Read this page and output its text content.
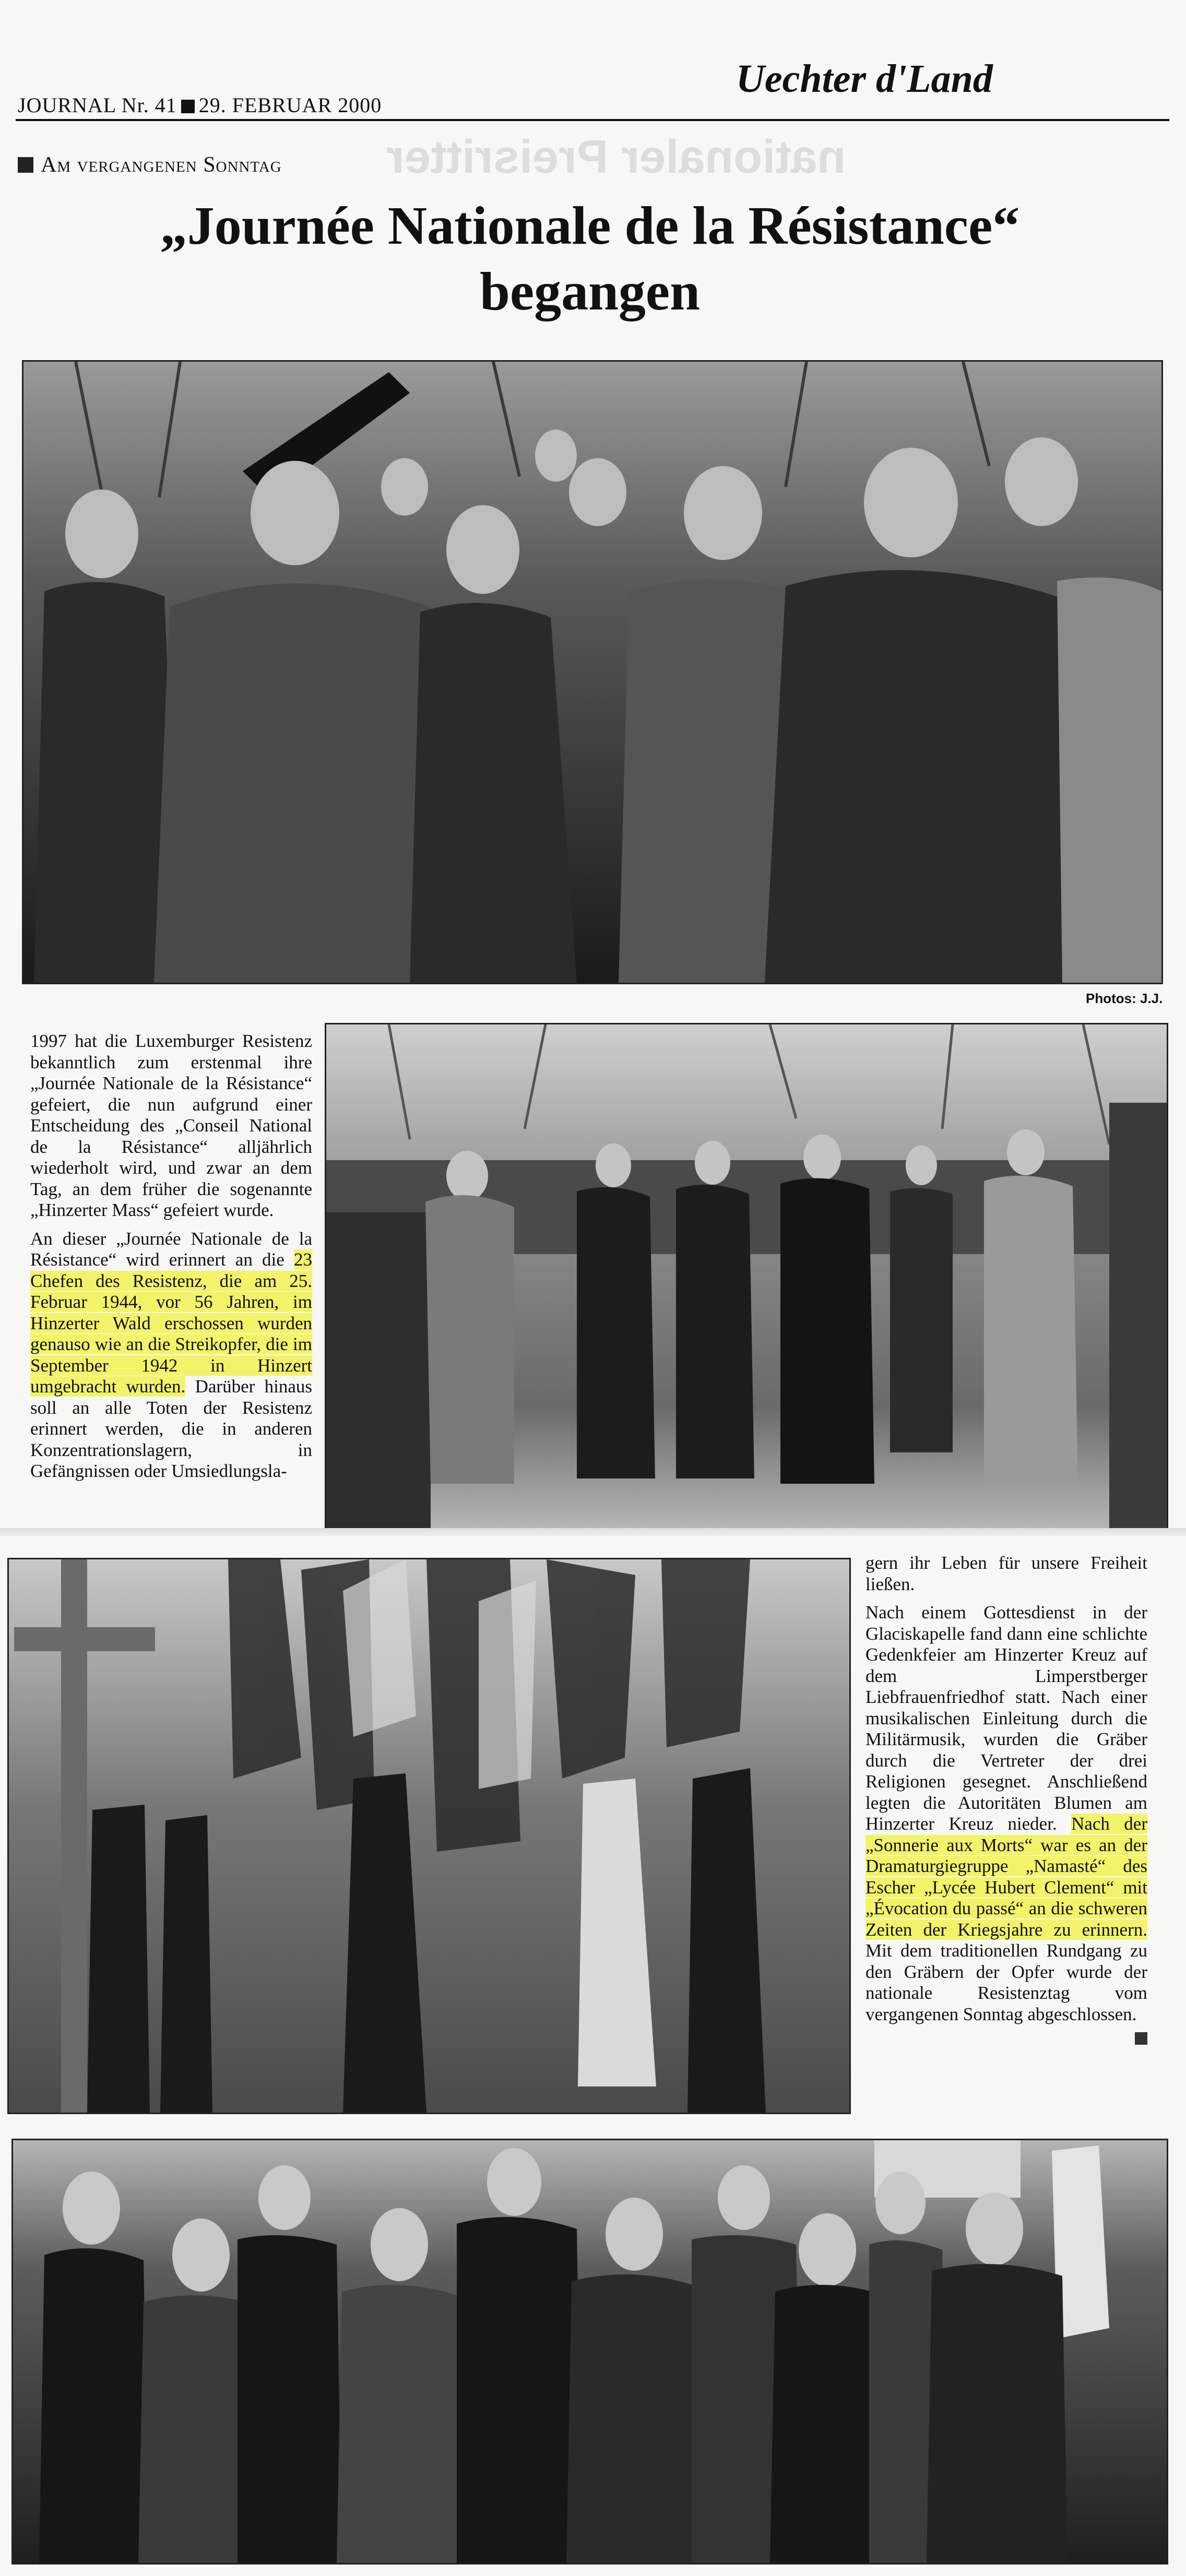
nationaler Preisritter
JOURNAL Nr. 41 29. FEBRUAR 2000
Uechter d'Land
Am vergangenen Sonntag
„Journée Nationale de la Résistance“
begangen
Photos: J.J.

1997 hat die Luxemburger Resistenz bekanntlich zum erstenmal ihre „Journée Nationale de la Résistance“ gefeiert, die nun aufgrund einer Entscheidung des „Conseil National de la Résistance“ alljährlich wiederholt wird, und zwar an dem Tag, an dem früher die sogenannte „Hinzerter Mass“ gefeiert wurde.

An dieser „Journée Nationale de la Résistance“ wird erinnert an die 23 Chefen des Resistenz, die am 25. Februar 1944, vor 56 Jahren, im Hinzerter Wald erschossen wurden genauso wie an die Streikopfer, die im September 1942 in Hinzert umgebracht wurden. Darüber hinaus soll an alle Toten der Resistenz erinnert werden, die in anderen Konzentrationslagern, in Gefängnissen oder Umsiedlungsla-

gern ihr Leben für unsere Freiheit ließen.

Nach einem Gottesdienst in der Glaciskapelle fand dann eine schlichte Gedenkfeier am Hinzerter Kreuz auf dem Limperstberger Liebfrauenfriedhof statt. Nach einer musikalischen Einleitung durch die Militärmusik, wurden die Gräber durch die Vertreter der drei Religionen gesegnet. Anschließend legten die Autoritäten Blumen am Hinzerter Kreuz nieder. Nach der „Sonnerie aux Morts“ war es an der Dramaturgiegruppe „Namasté“ des Escher „Lycée Hubert Clement“ mit „Évocation du passé“ an die schweren Zeiten der Kriegsjahre zu erinnern. Mit dem traditionellen Rundgang zu den Gräbern der Opfer wurde der nationale Resistenztag vom vergangenen Sonntag abgeschlossen.
